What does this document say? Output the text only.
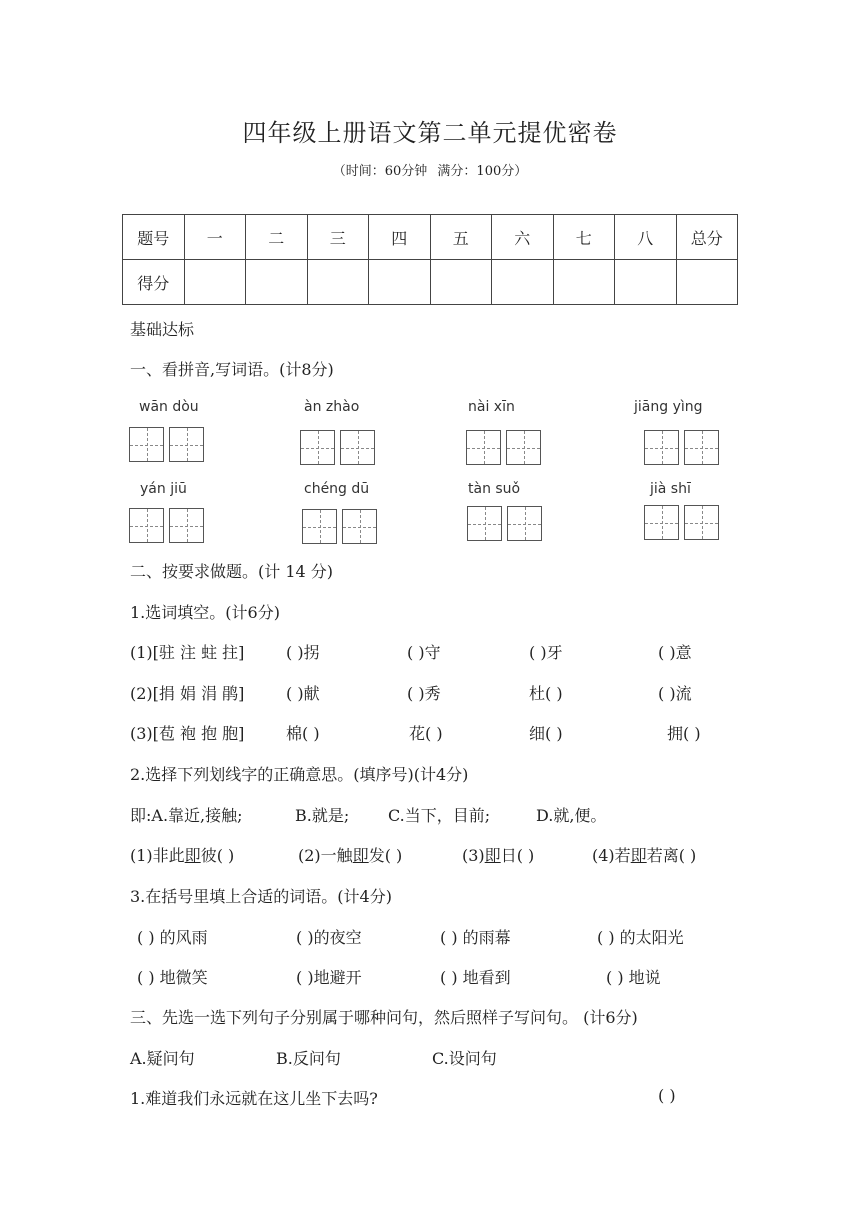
四年级上册语文第二单元提优密卷
（时间：60分钟 满分：100分）
题号	一	二	三	四	五	六	七	八	总分
得分									
基础达标
一、看拼音,写词语。(计8分)
wān dòu	àn zhào	nài xīn	jiāng yìng
yán jiū	chéng dū	tàn suǒ	jià shī
二、按要求做题。(计 14 分)
1.选词填空。(计6分)
(1)[驻 注 蛀 拄]	( )拐	( )守	( )牙	( )意
(2)[捐 娟 涓 鹃]	( )献	( )秀	杜( )	( )流
(3)[苞 袍 抱 胞]	棉( )	花( )	细( )	拥( )
2.选择下列划线字的正确意思。(填序号)(计4分)
即:A.靠近,接触;	B.就是; C.当下，目前;	D.就,便。
(1)非此即彼( )	(2)一触即发( )	(3)即日( )	(4)若即若离( )
3.在括号里填上合适的词语。(计4分)
( ) 的风雨	( )的夜空	( ) 的雨幕	( ) 的太阳光
( ) 地微笑	( )地避开	( ) 地看到	( ) 地说
三、先选一选下列句子分别属于哪种问句，然后照样子写问句。 (计6分)
A.疑问句	B.反问句	C.设问句
1.难道我们永远就在这儿坐下去吗?	( )
